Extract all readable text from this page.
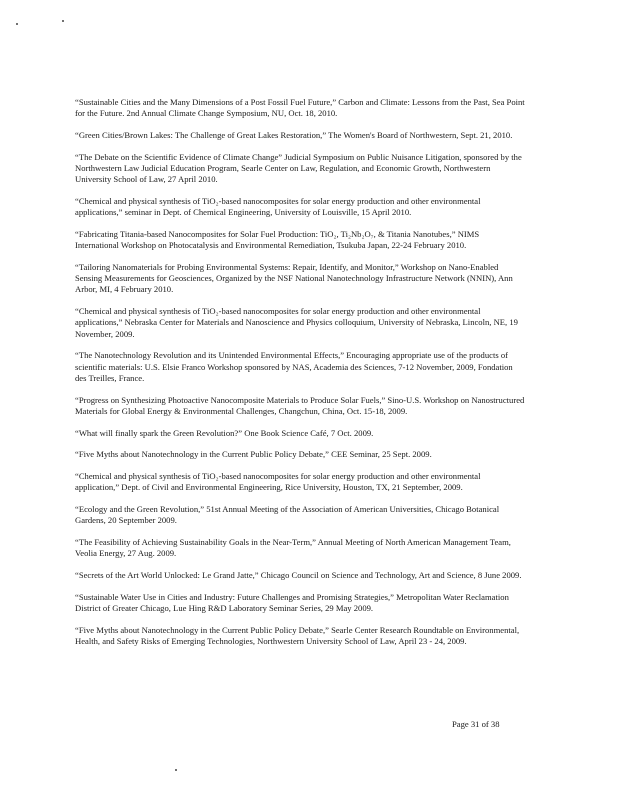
“Sustainable Cities and the Many Dimensions of a Post Fossil Fuel Future,” Carbon and Climate: Lessons from the Past, Sea Point for the Future. 2nd Annual Climate Change Symposium, NU, Oct. 18, 2010.

“Green Cities/Brown Lakes: The Challenge of Great Lakes Restoration,” The Women's Board of Northwestern, Sept. 21, 2010.

“The Debate on the Scientific Evidence of Climate Change” Judicial Symposium on Public Nuisance Litigation, sponsored by the Northwestern Law Judicial Education Program, Searle Center on Law, Regulation, and Economic Growth, Northwestern University School of Law, 27 April 2010.

“Chemical and physical synthesis of TiO₂-based nanocomposites for solar energy production and other environmental applications,” seminar in Dept. of Chemical Engineering, University of Louisville, 15 April 2010.

“Fabricating Titania-based Nanocomposites for Solar Fuel Production: TiO₂, Ti₂Nb₂O₇, & Titania Nanotubes,” NIMS International Workshop on Photocatalysis and Environmental Remediation, Tsukuba Japan, 22-24 February 2010.

“Tailoring Nanomaterials for Probing Environmental Systems: Repair, Identify, and Monitor,” Workshop on Nano-Enabled Sensing Measurements for Geosciences, Organized by the NSF National Nanotechnology Infrastructure Network (NNIN), Ann Arbor, MI, 4 February 2010.

“Chemical and physical synthesis of TiO₂-based nanocomposites for solar energy production and other environmental applications,” Nebraska Center for Materials and Nanoscience and Physics colloquium, University of Nebraska, Lincoln, NE, 19 November, 2009.

“The Nanotechnology Revolution and its Unintended Environmental Effects,” Encouraging appropriate use of the products of scientific materials: U.S. Elsie Franco Workshop sponsored by NAS, Academia des Sciences, 7-12 November, 2009, Fondation des Treilles, France.

“Progress on Synthesizing Photoactive Nanocomposite Materials to Produce Solar Fuels,” Sino-U.S. Workshop on Nanostructured Materials for Global Energy & Environmental Challenges, Changchun, China, Oct. 15-18, 2009.

“What will finally spark the Green Revolution?” One Book Science Café, 7 Oct. 2009.

“Five Myths about Nanotechnology in the Current Public Policy Debate,” CEE Seminar, 25 Sept. 2009.

“Chemical and physical synthesis of TiO₂-based nanocomposites for solar energy production and other environmental application,” Dept. of Civil and Environmental Engineering, Rice University, Houston, TX, 21 September, 2009.

“Ecology and the Green Revolution,” 51st Annual Meeting of the Association of American Universities, Chicago Botanical Gardens, 20 September 2009.

“The Feasibility of Achieving Sustainability Goals in the Near-Term,” Annual Meeting of North American Management Team, Veolia Energy, 27 Aug. 2009.

“Secrets of the Art World Unlocked: Le Grand Jatte,” Chicago Council on Science and Technology, Art and Science, 8 June 2009.

“Sustainable Water Use in Cities and Industry: Future Challenges and Promising Strategies,” Metropolitan Water Reclamation District of Greater Chicago, Lue Hing R&D Laboratory Seminar Series, 29 May 2009.

“Five Myths about Nanotechnology in the Current Public Policy Debate,” Searle Center Research Roundtable on Environmental, Health, and Safety Risks of Emerging Technologies, Northwestern University School of Law, April 23 - 24, 2009.

Page 31 of 38
